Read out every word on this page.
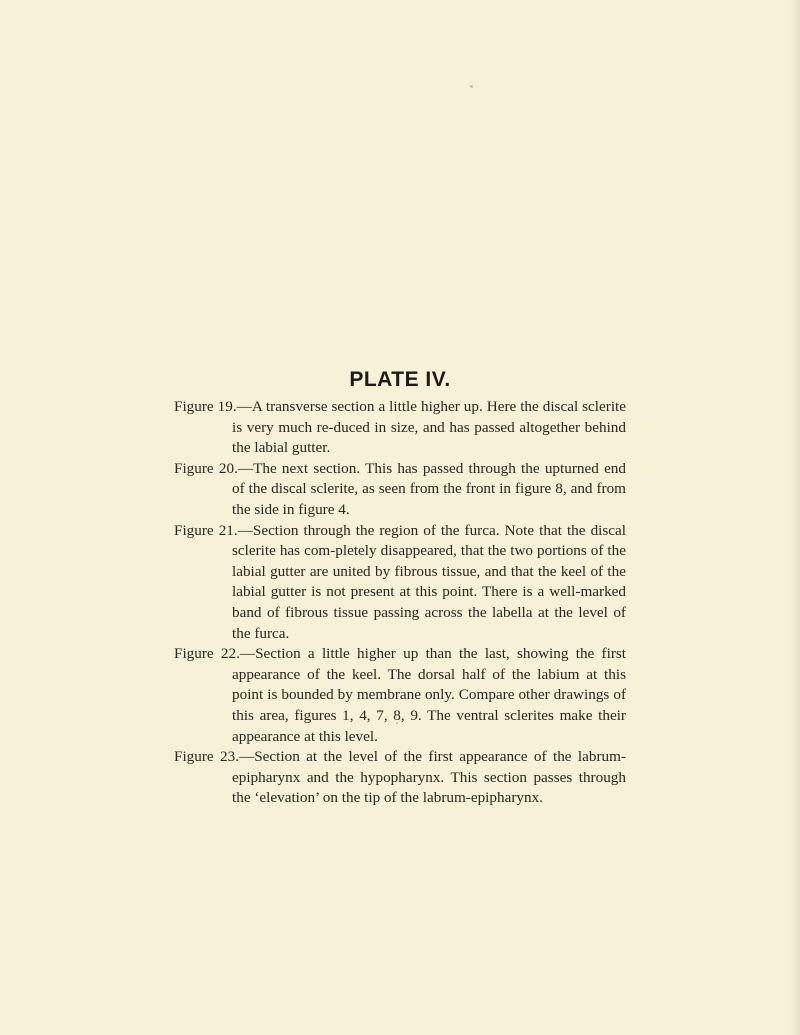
PLATE IV.

Figure 19.—A transverse section a little higher up. Here the discal sclerite is very much re-duced in size, and has passed altogether behind the labial gutter.

Figure 20.—The next section. This has passed through the upturned end of the discal sclerite, as seen from the front in figure 8, and from the side in figure 4.

Figure 21.—Section through the region of the furca. Note that the discal sclerite has com-pletely disappeared, that the two portions of the labial gutter are united by fibrous tissue, and that the keel of the labial gutter is not present at this point. There is a well-marked band of fibrous tissue passing across the labella at the level of the furca.

Figure 22.—Section a little higher up than the last, showing the first appearance of the keel. The dorsal half of the labium at this point is bounded by membrane only. Compare other drawings of this area, figures 1, 4, 7, 8, 9. The ventral sclerites make their appearance at this level.

Figure 23.—Section at the level of the first appearance of the labrum-epipharynx and the hypopharynx. This section passes through the ‘elevation’ on the tip of the labrum-epipharynx.
